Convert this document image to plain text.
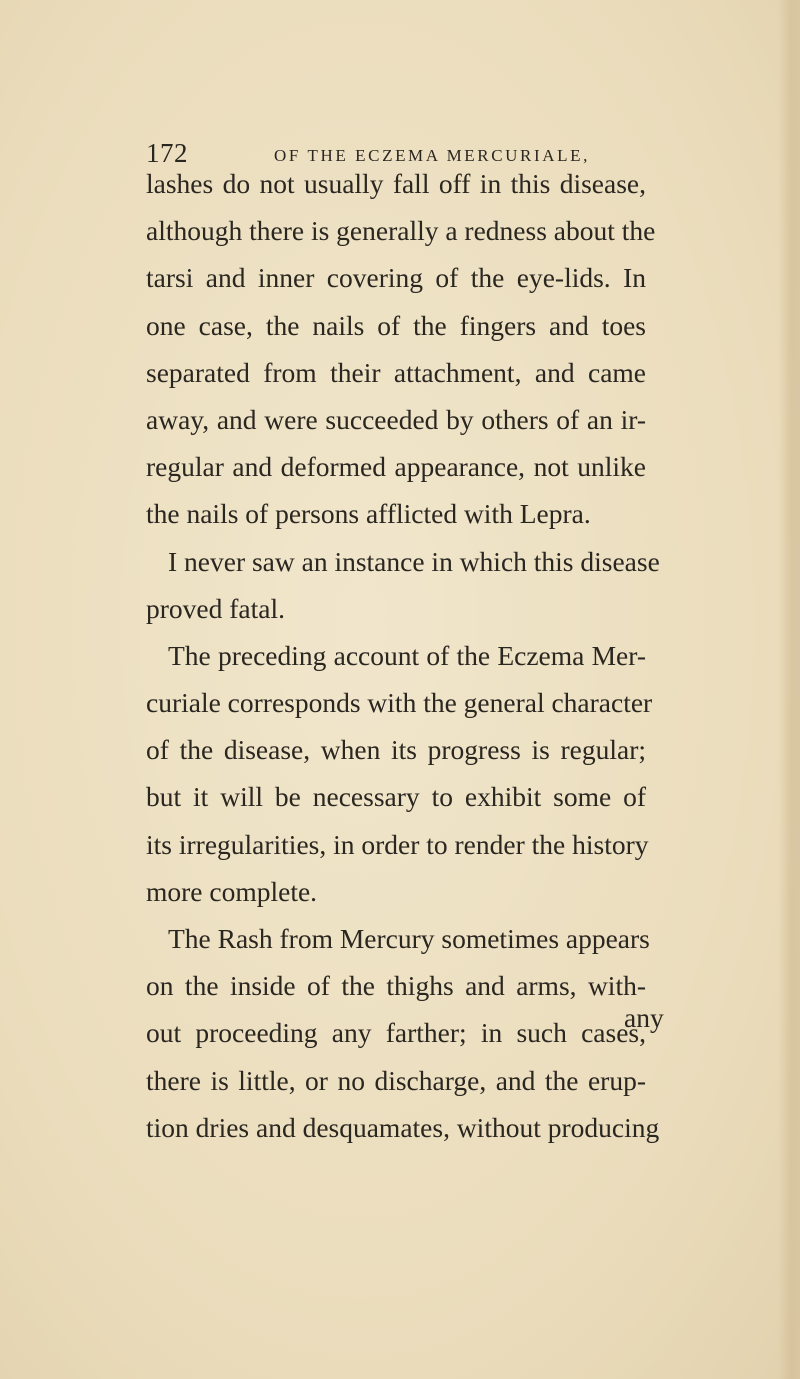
172	OF THE ECZEMA MERCURIALE,
lashes do not usually fall off in this disease,
although there is generally a redness about the
tarsi and inner covering of the eye-lids. In
one case, the nails of the fingers and toes
separated from their attachment, and came
away, and were succeeded by others of an ir-
regular and deformed appearance, not unlike
the nails of persons afflicted with Lepra.
I never saw an instance in which this disease
proved fatal.
The preceding account of the Eczema Mer-
curiale corresponds with the general character
of the disease, when its progress is regular;
but it will be necessary to exhibit some of
its irregularities, in order to render the history
more complete.
The Rash from Mercury sometimes appears
on the inside of the thighs and arms, with-
out proceeding any farther; in such cases,
there is little, or no discharge, and the erup-
tion dries and desquamates, without producing
any
